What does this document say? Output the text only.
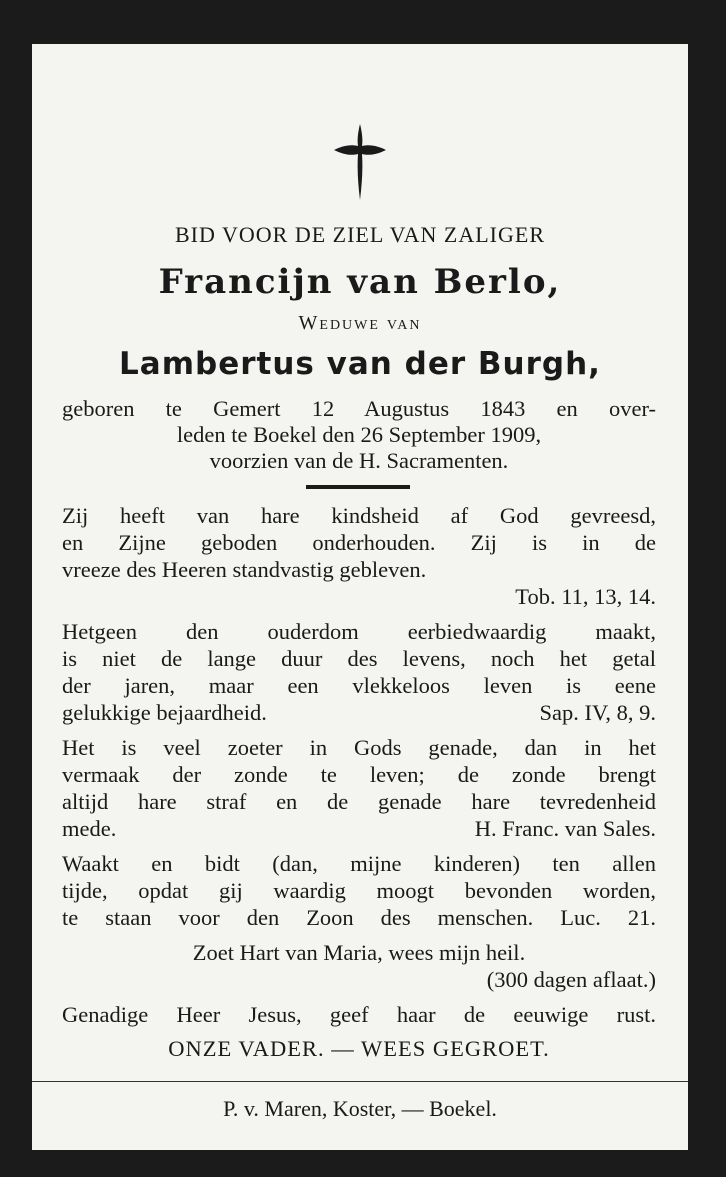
BID VOOR DE ZIEL VAN ZALIGER
Francijn van Berlo,
Weduwe van
Lambertus van der Burgh,
geboren te Gemert 12 Augustus 1843 en over-
leden te Boekel den 26 September 1909,
voorzien van de H. Sacramenten.
Zij heeft van hare kindsheid af God gevreesd,
en Zijne geboden onderhouden. Zij is in de
vreeze des Heeren standvastig gebleven.
Tob. 11, 13, 14.
Hetgeen den ouderdom eerbiedwaardig maakt,
is niet de lange duur des levens, noch het getal
der jaren, maar een vlekkeloos leven is eene
gelukkige bejaardheid.	Sap. IV, 8, 9.
Het is veel zoeter in Gods genade, dan in het
vermaak der zonde te leven; de zonde brengt
altijd hare straf en de genade hare tevredenheid
mede.	H. Franc. van Sales.
Waakt en bidt (dan, mijne kinderen) ten allen
tijde, opdat gij waardig moogt bevonden worden,
te staan voor den Zoon des menschen. Luc. 21.
Zoet Hart van Maria, wees mijn heil.
(300 dagen aflaat.)
Genadige Heer Jesus, geef haar de eeuwige rust.
ONZE VADER. — WEES GEGROET.
P. v. Maren, Koster, — Boekel.
